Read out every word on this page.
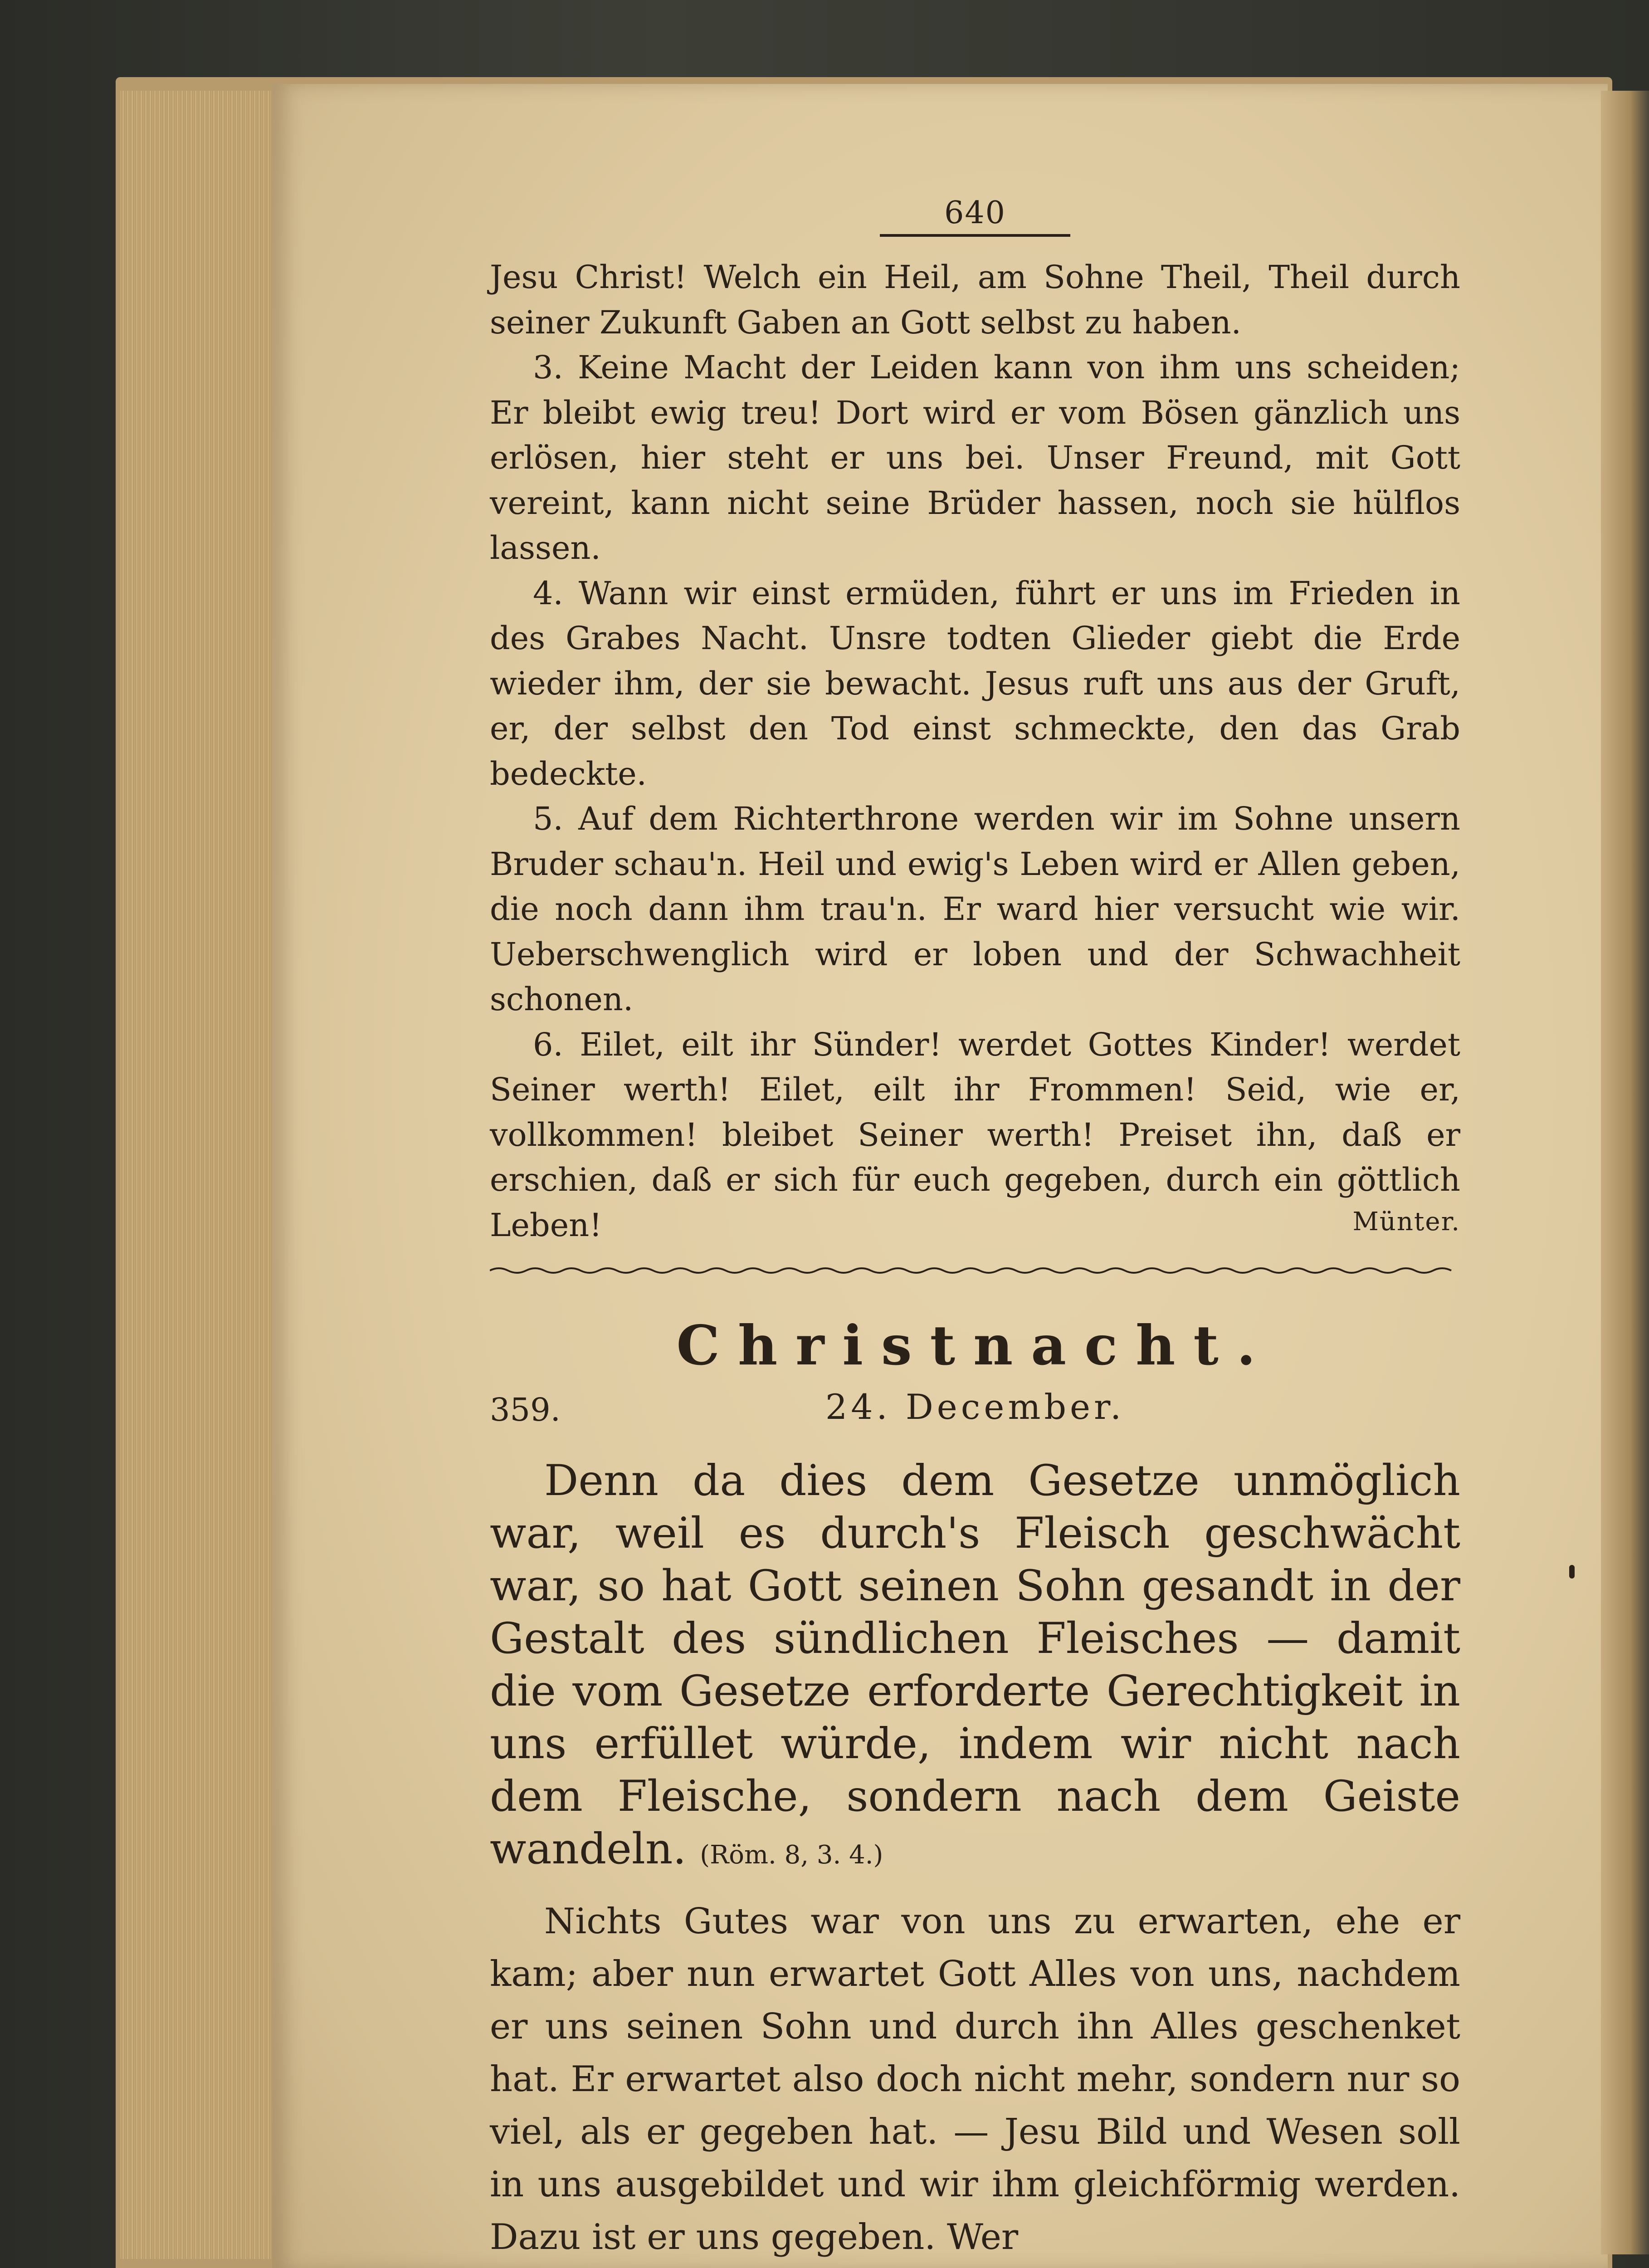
640

Jesu Christ! Welch ein Heil, am Sohne Theil, Theil durch seiner Zukunft Gaben an Gott selbst zu haben.

3. Keine Macht der Leiden kann von ihm uns scheiden; Er bleibt ewig treu! Dort wird er vom Bösen gänzlich uns erlösen, hier steht er uns bei. Unser Freund, mit Gott vereint, kann nicht seine Brüder hassen, noch sie hülflos lassen.

4. Wann wir einst ermüden, führt er uns im Frieden in des Grabes Nacht. Unsre todten Glieder giebt die Erde wieder ihm, der sie bewacht. Jesus ruft uns aus der Gruft, er, der selbst den Tod einst schmeckte, den das Grab bedeckte.

5. Auf dem Richterthrone werden wir im Sohne unsern Bruder schau'n. Heil und ewig's Leben wird er Allen geben, die noch dann ihm trau'n. Er ward hier versucht wie wir. Ueberschwenglich wird er loben und der Schwachheit schonen.

6. Eilet, eilt ihr Sünder! werdet Gottes Kinder! werdet Seiner werth! Eilet, eilt ihr Frommen! Seid, wie er, vollkommen! bleibet Seiner werth! Preiset ihn, daß er erschien, daß er sich für euch gegeben, durch ein göttlich Leben!	Münter.

Christnacht.

359.	24. December.

Denn da dies dem Gesetze unmöglich war, weil es durch's Fleisch geschwächt war, so hat Gott seinen Sohn gesandt in der Gestalt des sündlichen Fleisches — damit die vom Gesetze erforderte Gerechtigkeit in uns erfüllet würde, indem wir nicht nach dem Fleische, sondern nach dem Geiste wandeln. (Röm. 8, 3. 4.)

Nichts Gutes war von uns zu erwarten, ehe er kam; aber nun erwartet Gott Alles von uns, nachdem er uns seinen Sohn und durch ihn Alles geschenket hat. Er erwartet also doch nicht mehr, sondern nur so viel, als er gegeben hat. — Jesu Bild und Wesen soll in uns ausgebildet und wir ihm gleichförmig werden. Dazu ist er uns gegeben. Wer
